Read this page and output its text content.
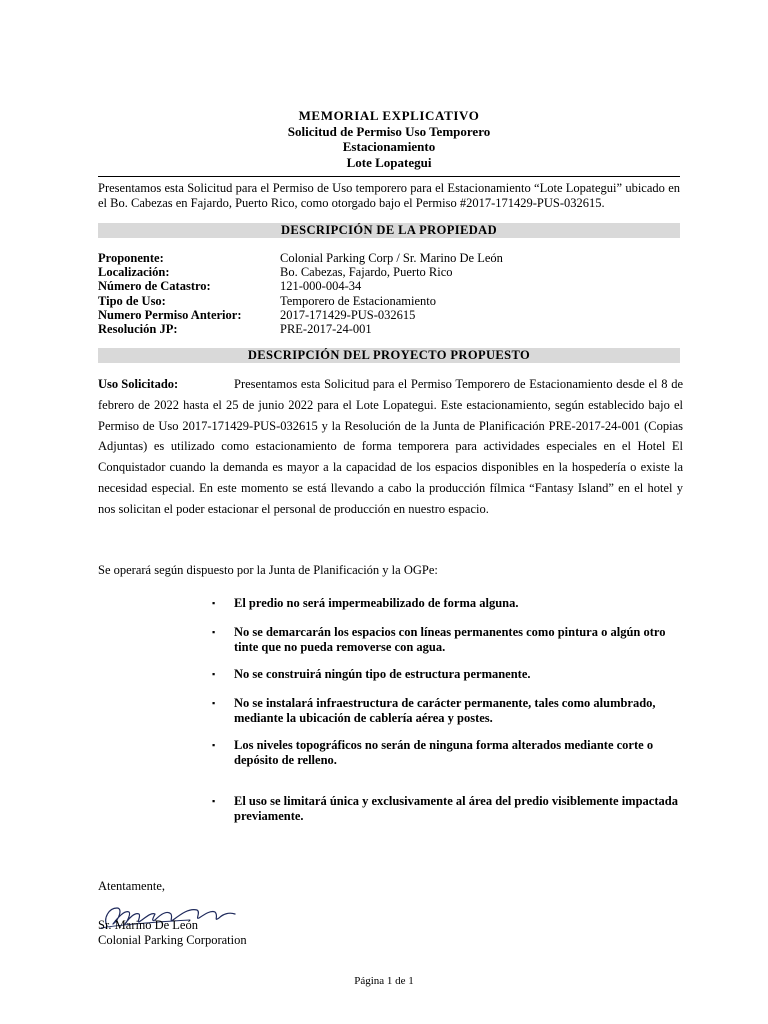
MEMORIAL EXPLICATIVO
Solicitud de Permiso Uso Temporero
Estacionamiento
Lote Lopategui
Presentamos esta Solicitud para el Permiso de Uso temporero para el Estacionamiento “Lote Lopategui” ubicado en el Bo. Cabezas en Fajardo, Puerto Rico, como otorgado bajo el Permiso #2017-171429-PUS-032615.
DESCRIPCIÓN DE LA PROPIEDAD
Proponente:	Colonial Parking Corp / Sr. Marino De León
Localización:	Bo. Cabezas, Fajardo, Puerto Rico
Número de Catastro:	121-000-004-34
Tipo de Uso:	Temporero de Estacionamiento
Numero Permiso Anterior:	2017-171429-PUS-032615
Resolución JP:	PRE-2017-24-001
DESCRIPCIÓN DEL PROYECTO PROPUESTO
Uso Solicitado:	Presentamos esta Solicitud para el Permiso Temporero de Estacionamiento desde el 8 de febrero de 2022 hasta el 25 de junio 2022 para el Lote Lopategui. Este estacionamiento, según establecido bajo el Permiso de Uso 2017-171429-PUS-032615 y la Resolución de la Junta de Planificación PRE-2017-24-001 (Copias Adjuntas) es utilizado como estacionamiento de forma temporera para actividades especiales en el Hotel El Conquistador cuando la demanda es mayor a la capacidad de los espacios disponibles en la hospedería o existe la necesidad especial. En este momento se está llevando a cabo la producción fílmica “Fantasy Island” en el hotel y nos solicitan el poder estacionar el personal de producción en nuestro espacio.
Se operará según dispuesto por la Junta de Planificación y la OGPe:
▪ El predio no será impermeabilizado de forma alguna.
▪ No se demarcarán los espacios con líneas permanentes como pintura o algún otro tinte que no pueda removerse con agua.
▪ No se construirá ningún tipo de estructura permanente.
▪ No se instalará infraestructura de carácter permanente, tales como alumbrado, mediante la ubicación de cablería aérea y postes.
▪ Los niveles topográficos no serán de ninguna forma alterados mediante corte o depósito de relleno.
▪ El uso se limitará única y exclusivamente al área del predio visiblemente impactada previamente.
Atentamente,
Sr. Marino De León
Colonial Parking Corporation
Página 1 de 1
